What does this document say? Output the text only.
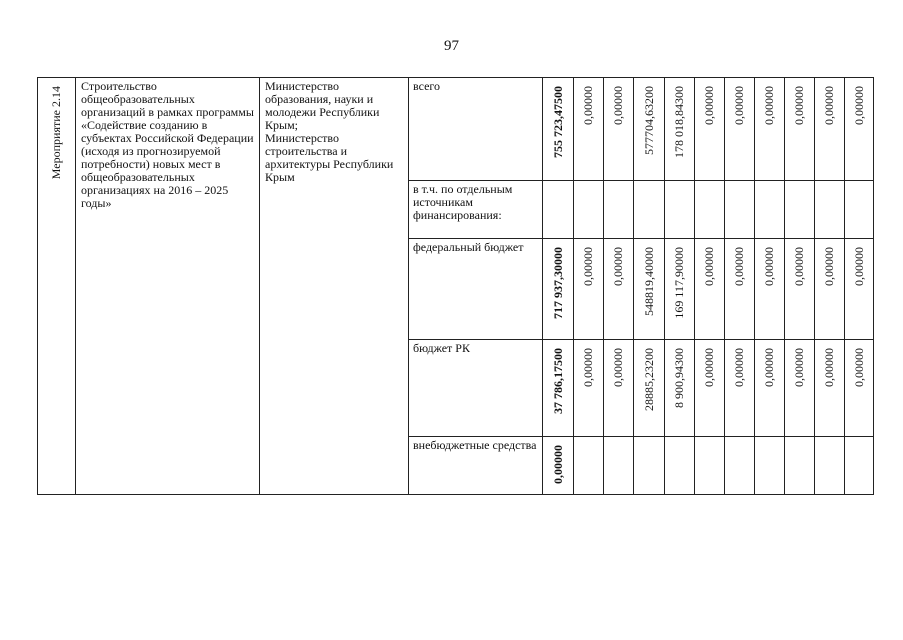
97
Мероприятие 2.14	Строительство общеобразовательных организаций в рамках программы «Содействие созданию в субъектах Российской Федерации (исходя из прогнозируемой потребности) новых мест в общеобразовательных организациях на 2016 – 2025 годы»	Министерство образования, науки и молодежи Республики Крым;
Министерство строительства и архитектуры Республики Крым	всего	755 723,47500	0,00000	0,00000	577704,63200	178 018,84300	0,00000	0,00000	0,00000	0,00000	0,00000	0,00000

			в т.ч. по отдельным источникам финансирования:											

			федеральный бюджет	717 937,30000	0,00000	0,00000	548819,40000	169 117,90000	0,00000	0,00000	0,00000	0,00000	0,00000	0,00000

			бюджет РК	37 786,17500	0,00000	0,00000	28885,23200	8 900,94300	0,00000	0,00000	0,00000	0,00000	0,00000	0,00000

			внебюджетные средства	0,00000										
